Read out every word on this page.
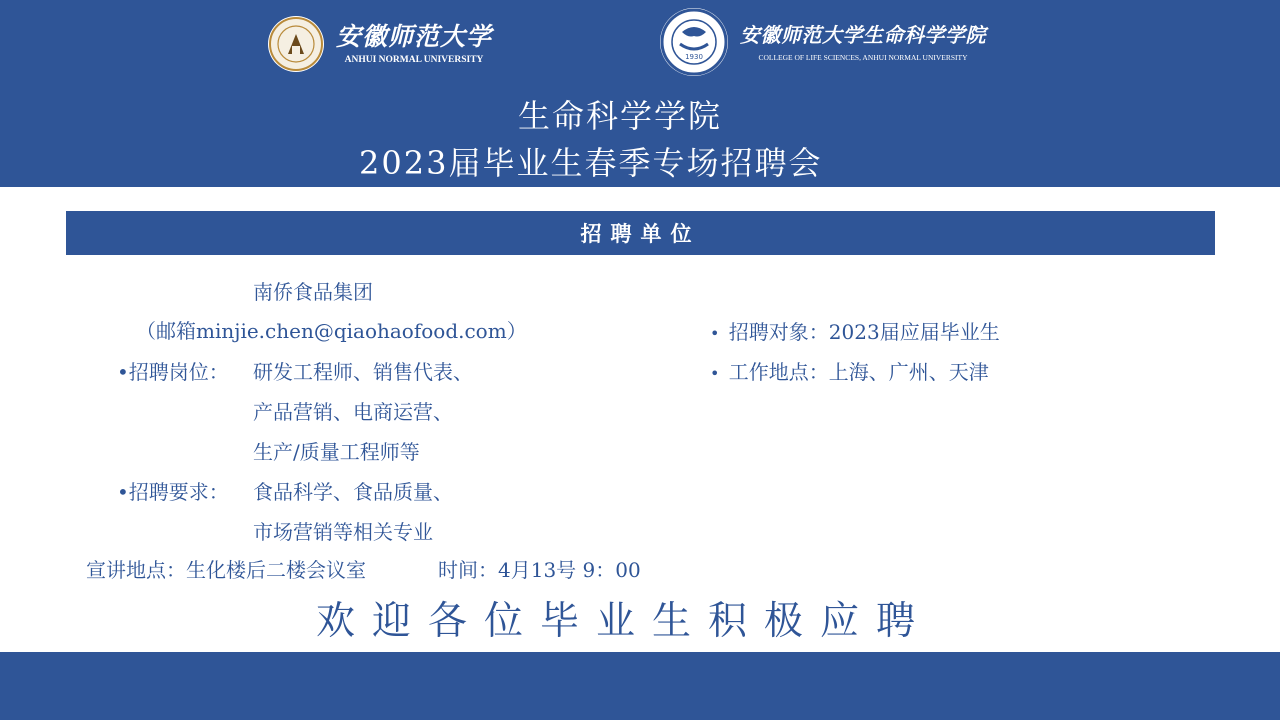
安徽师范大学
ANHUI NORMAL UNIVERSITY	1930
安徽师范大学生命科学学院
COLLEGE OF LIFE SCIENCES, ANHUI NORMAL UNIVERSITY
生命科学学院
2023届毕业生春季专场招聘会
招聘单位
南侨食品集团
（邮箱minjie.chen@qiaohaofood.com）
•招聘岗位： 研发工程师、销售代表、
产品营销、电商运营、
生产/质量工程师等
•招聘要求： 食品科学、食品质量、
市场营销等相关专业
宣讲地点：生化楼后二楼会议室	时间：4月13号 9：00
• 招聘对象：2023届应届毕业生
• 工作地点：上海、广州、天津
欢迎各位毕业生积极应聘
